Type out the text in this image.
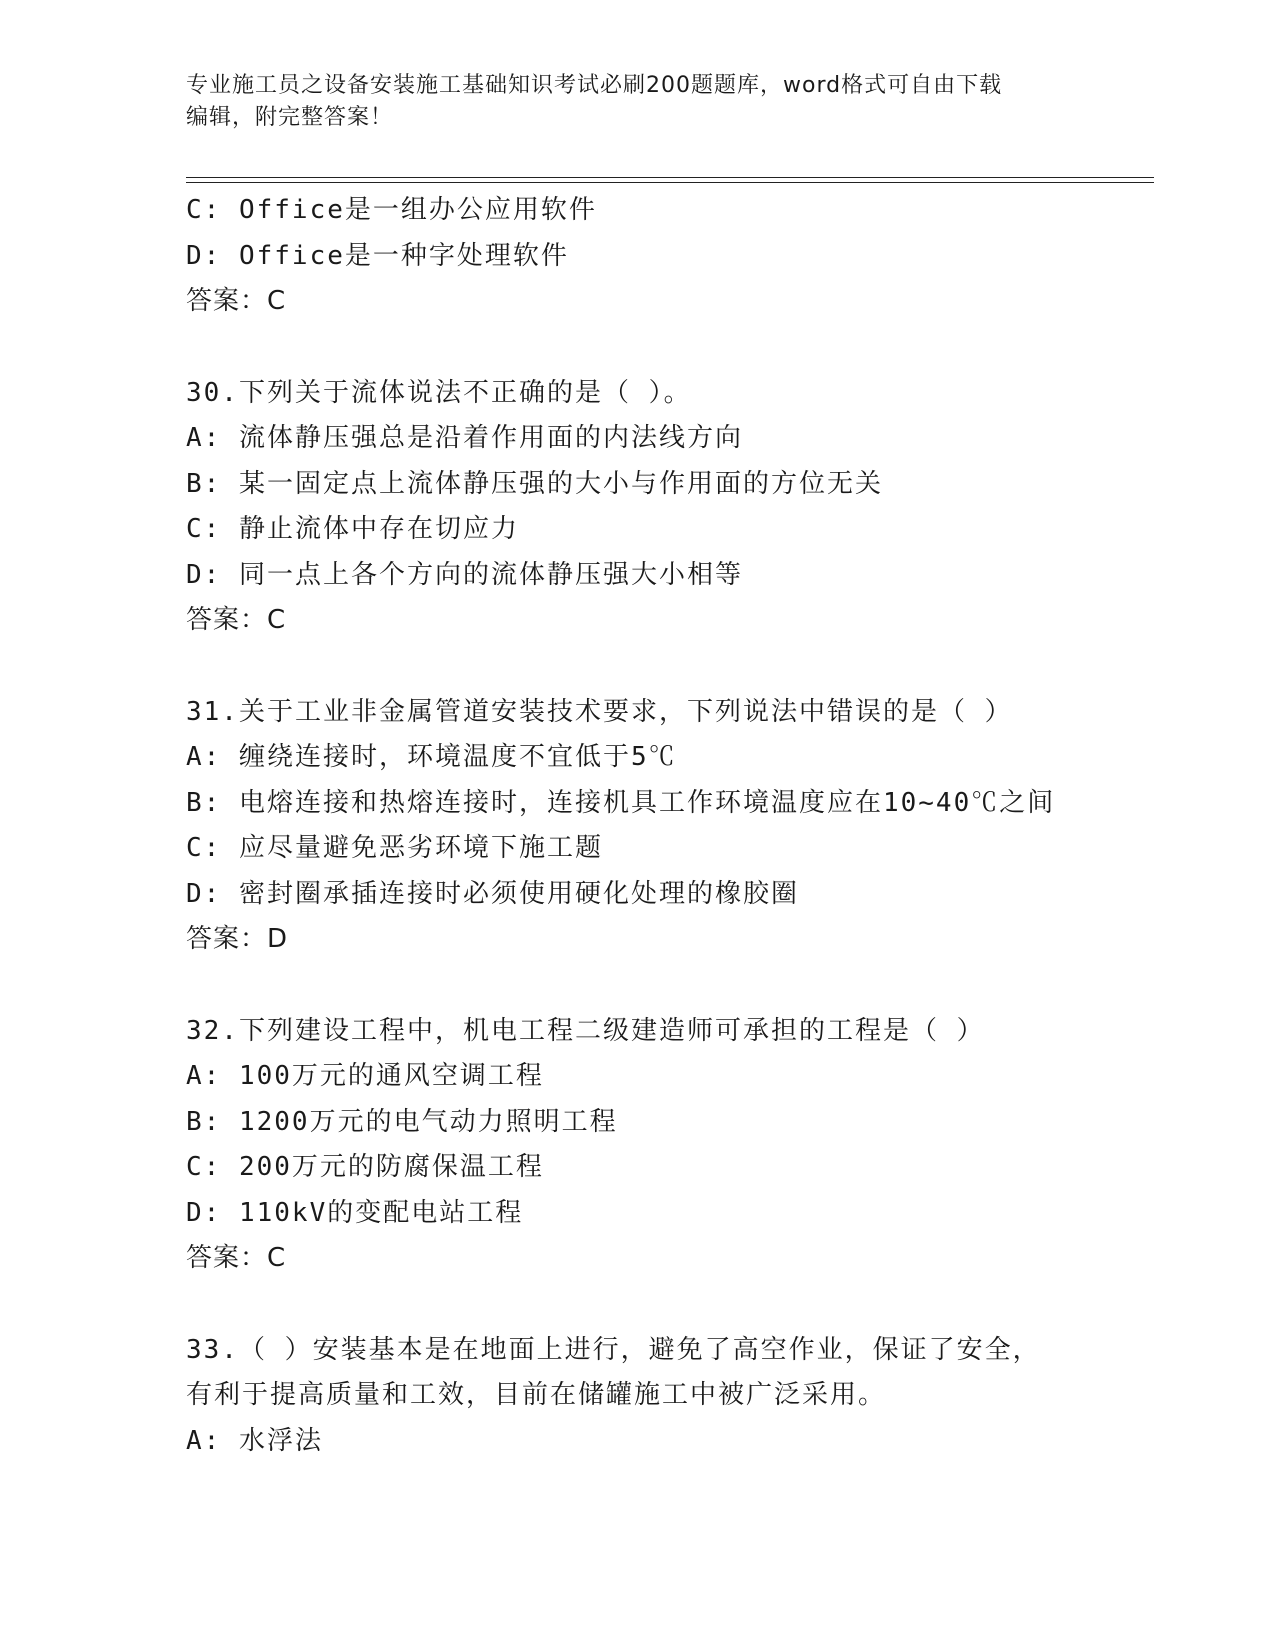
专业施工员之设备安装施工基础知识考试必刷200题题库，word格式可自由下载
编辑，附完整答案！
C: Office是一组办公应用软件
D: Office是一种字处理软件
答案：C
30.下列关于流体说法不正确的是（ ）。
A: 流体静压强总是沿着作用面的内法线方向
B: 某一固定点上流体静压强的大小与作用面的方位无关
C: 静止流体中存在切应力
D: 同一点上各个方向的流体静压强大小相等
答案：C
31.关于工业非金属管道安装技术要求，下列说法中错误的是（ ）
A: 缠绕连接时，环境温度不宜低于5℃
B: 电熔连接和热熔连接时，连接机具工作环境温度应在10~40℃之间
C: 应尽量避免恶劣环境下施工题
D: 密封圈承插连接时必须使用硬化处理的橡胶圈
答案：D
32.下列建设工程中，机电工程二级建造师可承担的工程是（ ）
A: 100万元的通风空调工程
B: 1200万元的电气动力照明工程
C: 200万元的防腐保温工程
D: 110kV的变配电站工程
答案：C
33.（ ）安装基本是在地面上进行，避免了高空作业，保证了安全，
有利于提高质量和工效，目前在储罐施工中被广泛采用。
A: 水浮法
